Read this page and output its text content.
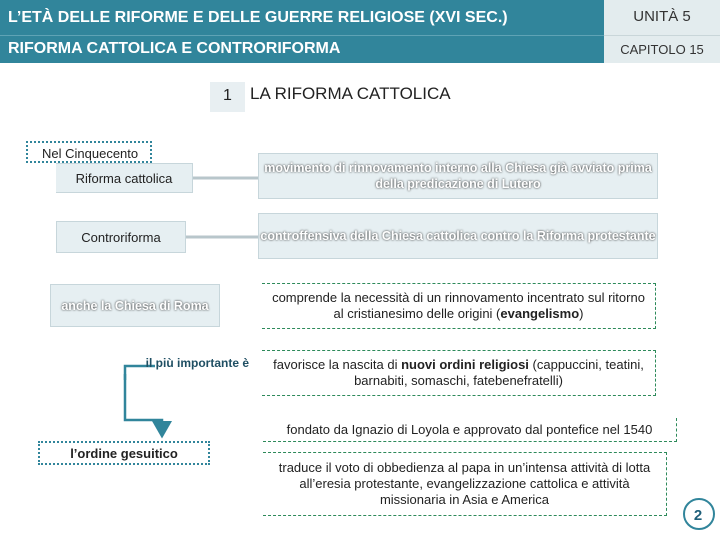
L’ETÀ DELLE RIFORME E DELLE GUERRE RELIGIOSE (XVI SEC.)
RIFORMA CATTOLICA E CONTRORIFORMA
UNITÀ 5
CAPITOLO 15
1	LA RIFORMA CATTOLICA
Nel Cinquecento
Riforma cattolica
Controriforma
anche la Chiesa di Roma
il più importante è
l’ordine gesuitico
movimento di rinnovamento interno alla Chiesa già avviato prima della predicazione di Lutero
controffensiva della Chiesa cattolica contro la Riforma protestante
comprende la necessità di un rinnovamento incentrato sul ritorno al cristianesimo delle origini (evangelismo)
favorisce la nascita di nuovi ordini religiosi (cappuccini, teatini, barnabiti, somaschi, fatebenefratelli)
fondato da Ignazio di Loyola e approvato dal pontefice nel 1540
traduce il voto di obbedienza al papa in un’intensa attività di lotta all’eresia protestante, evangelizzazione cattolica e attività missionaria in Asia e America
2
